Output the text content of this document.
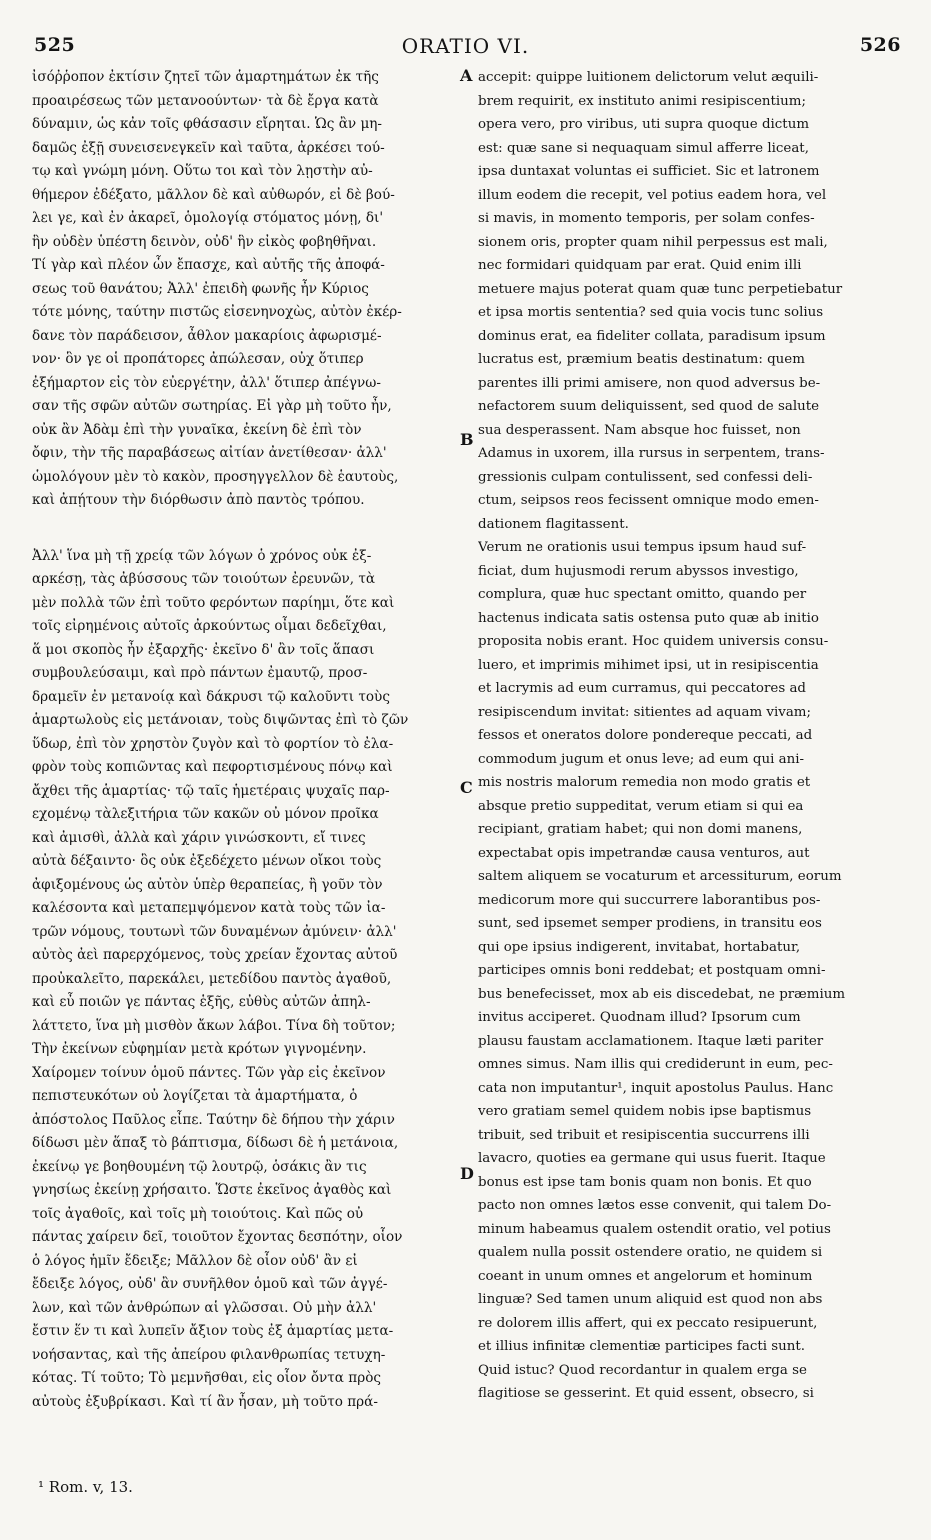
525	ORATIO VI.	526
A
B
C
D
ἰσόῤῥοπον ἐκτίσιν ζητεῖ τῶν ἁμαρτημάτων ἐκ τῆς
προαιρέσεως τῶν μετανοούντων· τὰ δὲ ἔργα κατὰ
δύναμιν, ὡς κἀν τοῖς φθάσασιν εἴρηται. Ὡς ἂν μη-
δαμῶς ἐξῇ συνεισενεγκεῖν καὶ ταῦτα, ἀρκέσει τού-
τῳ καὶ γνώμη μόνη. Οὕτω τοι καὶ τὸν λῃστὴν αὐ-
θήμερον ἐδέξατο, μᾶλλον δὲ καὶ αὐθωρόν, εἰ δὲ βού-
λει γε, καὶ ἐν ἀκαρεῖ, ὁμολογίᾳ στόματος μόνῃ, δι'
ἣν οὐδὲν ὑπέστη δεινὸν, οὐδ' ἣν εἰκὸς φοβηθῆναι.
Τί γὰρ καὶ πλέον ὧν ἔπασχε, καὶ αὐτῆς τῆς ἀποφά-
σεως τοῦ θανάτου; Ἀλλ' ἐπειδὴ φωνῆς ἦν Κύριος
τότε μόνης, ταύτην πιστῶς εἰσενηνοχὼς, αὐτὸν ἐκέρ-
δανε τὸν παράδεισον, ἆθλον μακαρίοις ἀφωρισμέ-
νον· ὃν γε οἱ προπάτορες ἀπώλεσαν, οὐχ ὅτιπερ
ἐξήμαρτον εἰς τὸν εὐεργέτην, ἀλλ' ὅτιπερ ἀπέγνω-
σαν τῆς σφῶν αὐτῶν σωτηρίας. Εἰ γὰρ μὴ τοῦτο ἦν,
οὐκ ἂν Ἀδὰμ ἐπὶ τὴν γυναῖκα, ἐκείνη δὲ ἐπὶ τὸν
ὄφιν, τὴν τῆς παραβάσεως αἰτίαν ἀνετίθεσαν· ἀλλ'
ὡμολόγουν μὲν τὸ κακὸν, προσηγγελλον δὲ ἑαυτοὺς,
καὶ ἀπῄτουν τὴν διόρθωσιν ἀπὸ παντὸς τρόπου.
Ἀλλ' ἵνα μὴ τῇ χρείᾳ τῶν λόγων ὁ χρόνος οὐκ ἐξ-
αρκέσῃ, τὰς ἀβύσσους τῶν τοιούτων ἐρευνῶν, τὰ
μὲν πολλὰ τῶν ἐπὶ τοῦτο φερόντων παρίημι, ὅτε καὶ
τοῖς εἰρημένοις αὐτοῖς ἀρκούντως οἶμαι δεδεῖχθαι,
ἅ μοι σκοπὸς ἦν ἐξαρχῆς· ἐκεῖνο δ' ἂν τοῖς ἅπασι
συμβουλεύσαιμι, καὶ πρὸ πάντων ἐμαυτῷ, προσ-
δραμεῖν ἐν μετανοίᾳ καὶ δάκρυσι τῷ καλοῦντι τοὺς
ἁμαρτωλοὺς εἰς μετάνοιαν, τοὺς διψῶντας ἐπὶ τὸ ζῶν
ὕδωρ, ἐπὶ τὸν χρηστὸν ζυγὸν καὶ τὸ φορτίον τὸ ἐλα-
φρὸν τοὺς κοπιῶντας καὶ πεφορτισμένους πόνῳ καὶ
ἄχθει τῆς ἁμαρτίας· τῷ ταῖς ἡμετέραις ψυχαῖς παρ-
εχομένῳ τὰλεξιτήρια τῶν κακῶν οὐ μόνον προῖκα
καὶ ἀμισθὶ, ἀλλὰ καὶ χάριν γινώσκοντι, εἴ τινες
αὐτὰ δέξαιντο· ὃς οὐκ ἐξεδέχετο μένων οἴκοι τοὺς
ἀφιξομένους ὡς αὐτὸν ὑπὲρ θεραπείας, ἢ γοῦν τὸν
καλέσοντα καὶ μεταπεμψόμενον κατὰ τοὺς τῶν ἰα-
τρῶν νόμους, τουτωνὶ τῶν δυναμένων ἀμύνειν· ἀλλ'
αὐτὸς ἀεὶ παρερχόμενος, τοὺς χρείαν ἔχοντας αὐτοῦ
προὐκαλεῖτο, παρεκάλει, μετεδίδου παντὸς ἀγαθοῦ,
καὶ εὖ ποιῶν γε πάντας ἑξῆς, εὐθὺς αὐτῶν ἀπηλ-
λάττετο, ἵνα μὴ μισθὸν ἄκων λάβοι. Τίνα δὴ τοῦτον;
Τὴν ἐκείνων εὐφημίαν μετὰ κρότων γιγνομένην.
Χαίρομεν τοίνυν ὁμοῦ πάντες. Τῶν γὰρ εἰς ἐκεῖνον
πεπιστευκότων οὐ λογίζεται τὰ ἁμαρτήματα, ὁ
ἀπόστολος Παῦλος εἶπε. Ταύτην δὲ δήπου τὴν χάριν
δίδωσι μὲν ἅπαξ τὸ βάπτισμα, δίδωσι δὲ ἡ μετάνοια,
ἐκείνῳ γε βοηθουμένη τῷ λουτρῷ, ὁσάκις ἂν τις
γνησίως ἐκείνῃ χρήσαιτο. Ὥστε ἐκεῖνος ἀγαθὸς καὶ
τοῖς ἀγαθοῖς, καὶ τοῖς μὴ τοιούτοις. Καὶ πῶς οὐ
πάντας χαίρειν δεῖ, τοιοῦτον ἔχοντας δεσπότην, οἷον
ὁ λόγος ἡμῖν ἔδειξε; Μᾶλλον δὲ οἷον οὐδ' ἂν εἰ
ἔδειξε λόγος, οὐδ' ἂν συνῆλθον ὁμοῦ καὶ τῶν ἀγγέ-
λων, καὶ τῶν ἀνθρώπων αἱ γλῶσσαι. Οὐ μὴν ἀλλ'
ἔστιν ἕν τι καὶ λυπεῖν ἄξιον τοὺς ἐξ ἁμαρτίας μετα-
νοήσαντας, καὶ τῆς ἀπείρου φιλανθρωπίας τετυχη-
κότας. Τί τοῦτο; Τὸ μεμνῆσθαι, εἰς οἷον ὄντα πρὸς
αὐτοὺς ἐξυβρίκασι. Καὶ τί ἂν ἦσαν, μὴ τοῦτο πρά-
accepit: quippe luitionem delictorum velut æquili-
brem requirit, ex instituto animi resipiscentium;
opera vero, pro viribus, uti supra quoque dictum
est: quæ sane si nequaquam simul afferre liceat,
ipsa duntaxat voluntas ei sufficiet. Sic et latronem
illum eodem die recepit, vel potius eadem hora, vel
si mavis, in momento temporis, per solam confes-
sionem oris, propter quam nihil perpessus est mali,
nec formidari quidquam par erat. Quid enim illi
metuere majus poterat quam quæ tunc perpetiebatur
et ipsa mortis sententia? sed quia vocis tunc solius
dominus erat, ea fideliter collata, paradisum ipsum
lucratus est, præmium beatis destinatum: quem
parentes illi primi amisere, non quod adversus be-
nefactorem suum deliquissent, sed quod de salute
sua desperassent. Nam absque hoc fuisset, non
Adamus in uxorem, illa rursus in serpentem, trans-
gressionis culpam contulissent, sed confessi deli-
ctum, seipsos reos fecissent omnique modo emen-
dationem flagitassent.
Verum ne orationis usui tempus ipsum haud suf-
ficiat, dum hujusmodi rerum abyssos investigo,
complura, quæ huc spectant omitto, quando per
hactenus indicata satis ostensa puto quæ ab initio
proposita nobis erant. Hoc quidem universis consu-
luero, et imprimis mihimet ipsi, ut in resipiscentia
et lacrymis ad eum curramus, qui peccatores ad
resipiscendum invitat: sitientes ad aquam vivam;
fessos et oneratos dolore pondereque peccati, ad
commodum jugum et onus leve; ad eum qui ani-
mis nostris malorum remedia non modo gratis et
absque pretio suppeditat, verum etiam si qui ea
recipiant, gratiam habet; qui non domi manens,
expectabat opis impetrandæ causa venturos, aut
saltem aliquem se vocaturum et arcessiturum, eorum
medicorum more qui succurrere laborantibus pos-
sunt, sed ipsemet semper prodiens, in transitu eos
qui ope ipsius indigerent, invitabat, hortabatur,
participes omnis boni reddebat; et postquam omni-
bus benefecisset, mox ab eis discedebat, ne præmium
invitus acciperet. Quodnam illud? Ipsorum cum
plausu faustam acclamationem. Itaque læti pariter
omnes simus. Nam illis qui crediderunt in eum, pec-
cata non imputantur¹, inquit apostolus Paulus. Hanc
vero gratiam semel quidem nobis ipse baptismus
tribuit, sed tribuit et resipiscentia succurrens illi
lavacro, quoties ea germane qui usus fuerit. Itaque
bonus est ipse tam bonis quam non bonis. Et quo
pacto non omnes lætos esse convenit, qui talem Do-
minum habeamus qualem ostendit oratio, vel potius
qualem nulla possit ostendere oratio, ne quidem si
coeant in unum omnes et angelorum et hominum
linguæ? Sed tamen unum aliquid est quod non abs
re dolorem illis affert, qui ex peccato resipuerunt,
et illius infinitæ clementiæ participes facti sunt.
Quid istuc? Quod recordantur in qualem erga se
flagitiose se gesserint. Et quid essent, obsecro, si
¹ Rom. v, 13.
